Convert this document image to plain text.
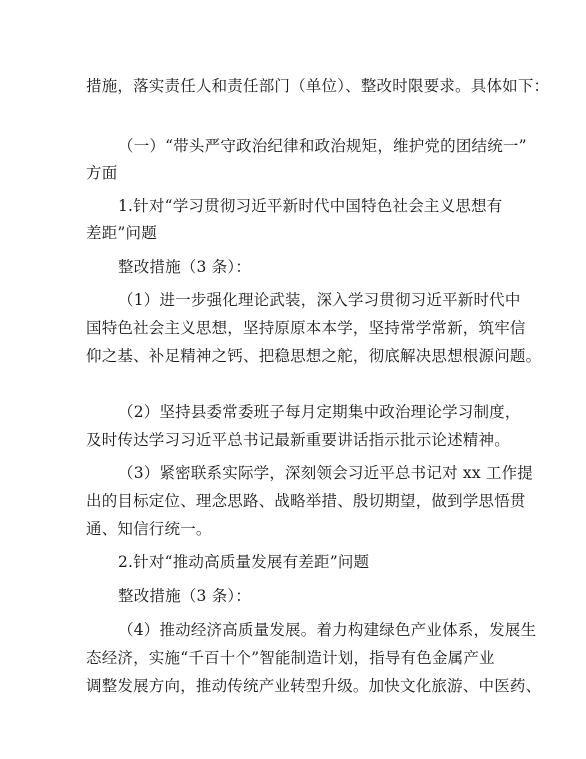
措施，落实责任人和责任部门（单位）、整改时限要求。具体如下：
（一）“带头严守政治纪律和政治规矩，维护党的团结统一”
方面
1.针对“学习贯彻习近平新时代中国特色社会主义思想有
差距”问题
整改措施（3 条）：
（1）进一步强化理论武装，深入学习贯彻习近平新时代中
国特色社会主义思想，坚持原原本本学，坚持常学常新，筑牢信
仰之基、补足精神之钙、把稳思想之舵，彻底解决思想根源问题。
（2）坚持县委常委班子每月定期集中政治理论学习制度，
及时传达学习习近平总书记最新重要讲话指示批示论述精神。
（3）紧密联系实际学，深刻领会习近平总书记对 xx 工作提
出的目标定位、理念思路、战略举措、殷切期望，做到学思悟贯
通、知信行统一。
2.针对“推动高质量发展有差距”问题
整改措施（3 条）：
（4）推动经济高质量发展。着力构建绿色产业体系，发展生
态经济，实施“千百十个”智能制造计划，指导有色金属产业
调整发展方向，推动传统产业转型升级。加快文化旅游、中医药、
